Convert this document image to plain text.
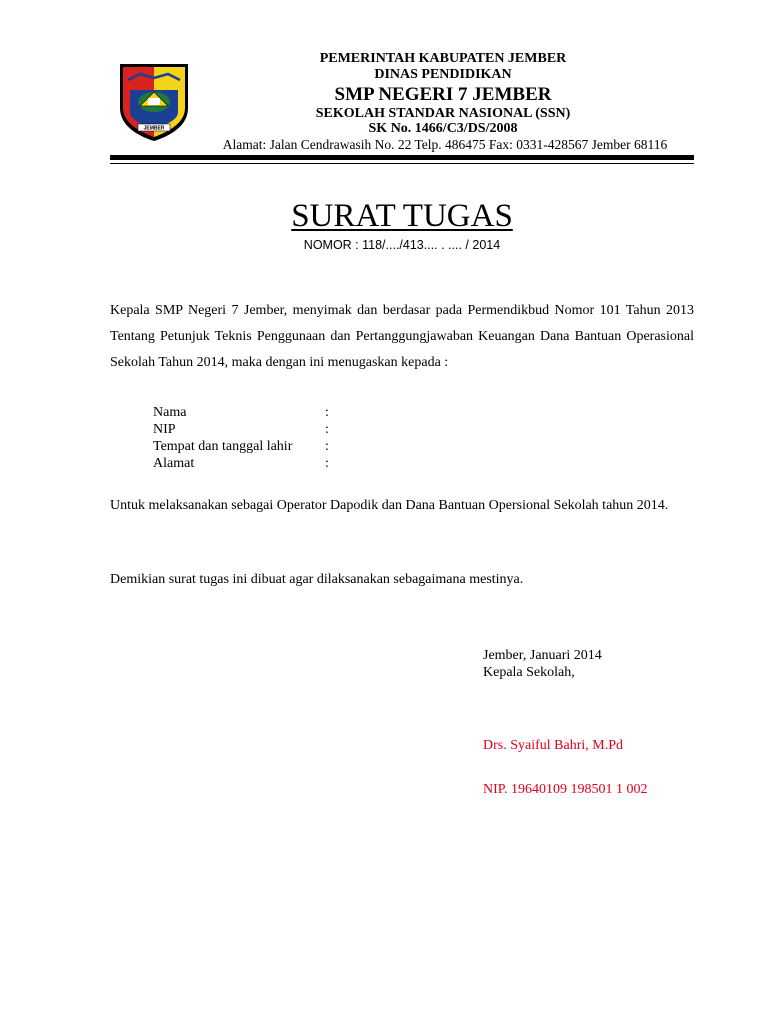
JEMBER
PEMERINTAH KABUPATEN JEMBER
DINAS PENDIDIKAN
SMP NEGERI 7 JEMBER
SEKOLAH STANDAR NASIONAL (SSN)
SK No. 1466/C3/DS/2008
Alamat: Jalan Cendrawasih No. 22 Telp. 486475 Fax: 0331-428567 Jember 68116
SURAT TUGAS
NOMOR : 118/..../413.... . .... / 2014
Kepala SMP Negeri 7 Jember, menyimak dan berdasar pada Permendikbud Nomor 101 Tahun 2013 Tentang Petunjuk Teknis Penggunaan dan Pertanggungjawaban Keuangan Dana Bantuan Operasional Sekolah Tahun 2014, maka dengan ini menugaskan kepada :
Nama	:
NIP	:
Tempat dan tanggal lahir :
Alamat	:
Untuk melaksanakan sebagai Operator Dapodik dan Dana Bantuan Opersional Sekolah tahun 2014.
Demikian surat tugas ini dibuat agar dilaksanakan sebagaimana mestinya.
Jember, Januari 2014
Kepala Sekolah,
Drs. Syaiful Bahri, M.Pd
NIP. 19640109 198501 1 002
